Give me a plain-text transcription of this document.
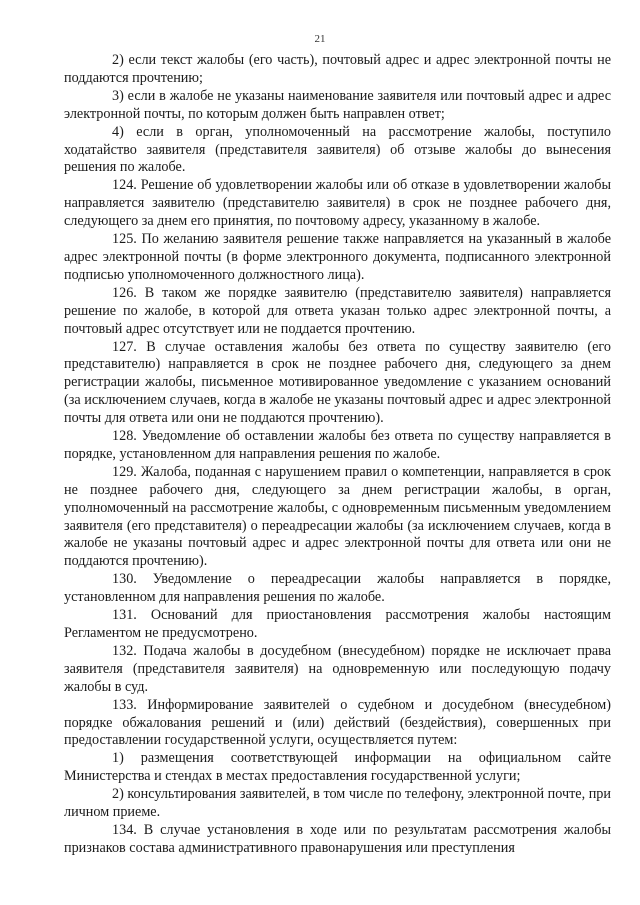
21

2) если текст жалобы (его часть), почтовый адрес и адрес электронной почты не поддаются прочтению;

3) если в жалобе не указаны наименование заявителя или почтовый адрес и адрес электронной почты, по которым должен быть направлен ответ;

4) если в орган, уполномоченный на рассмотрение жалобы, поступило ходатайство заявителя (представителя заявителя) об отзыве жалобы до вынесения решения по жалобе.

124. Решение об удовлетворении жалобы или об отказе в удовлетворении жалобы направляется заявителю (представителю заявителя) в срок не позднее рабочего дня, следующего за днем его принятия, по почтовому адресу, указанному в жалобе.

125. По желанию заявителя решение также направляется на указанный в жалобе адрес электронной почты (в форме электронного документа, подписанного электронной подписью уполномоченного должностного лица).

126. В таком же порядке заявителю (представителю заявителя) направляется решение по жалобе, в которой для ответа указан только адрес электронной почты, а почтовый адрес отсутствует или не поддается прочтению.

127. В случае оставления жалобы без ответа по существу заявителю (его представителю) направляется в срок не позднее рабочего дня, следующего за днем регистрации жалобы, письменное мотивированное уведомление с указанием оснований (за исключением случаев, когда в жалобе не указаны почтовый адрес и адрес электронной почты для ответа или они не поддаются прочтению).

128. Уведомление об оставлении жалобы без ответа по существу направляется в порядке, установленном для направления решения по жалобе.

129. Жалоба, поданная с нарушением правил о компетенции, направляется в срок не позднее рабочего дня, следующего за днем регистрации жалобы, в орган, уполномоченный на рассмотрение жалобы, с одновременным письменным уведомлением заявителя (его представителя) о переадресации жалобы (за исключением случаев, когда в жалобе не указаны почтовый адрес и адрес электронной почты для ответа или они не поддаются прочтению).

130. Уведомление о переадресации жалобы направляется в порядке, установленном для направления решения по жалобе.

131. Оснований для приостановления рассмотрения жалобы настоящим Регламентом не предусмотрено.

132. Подача жалобы в досудебном (внесудебном) порядке не исключает права заявителя (представителя заявителя) на одновременную или последующую подачу жалобы в суд.

133. Информирование заявителей о судебном и досудебном (внесудебном) порядке обжалования решений и (или) действий (бездействия), совершенных при предоставлении государственной услуги, осуществляется путем:

1) размещения соответствующей информации на официальном сайте Министерства и стендах в местах предоставления государственной услуги;

2) консультирования заявителей, в том числе по телефону, электронной почте, при личном приеме.

134. В случае установления в ходе или по результатам рассмотрения жалобы признаков состава административного правонарушения или преступления
